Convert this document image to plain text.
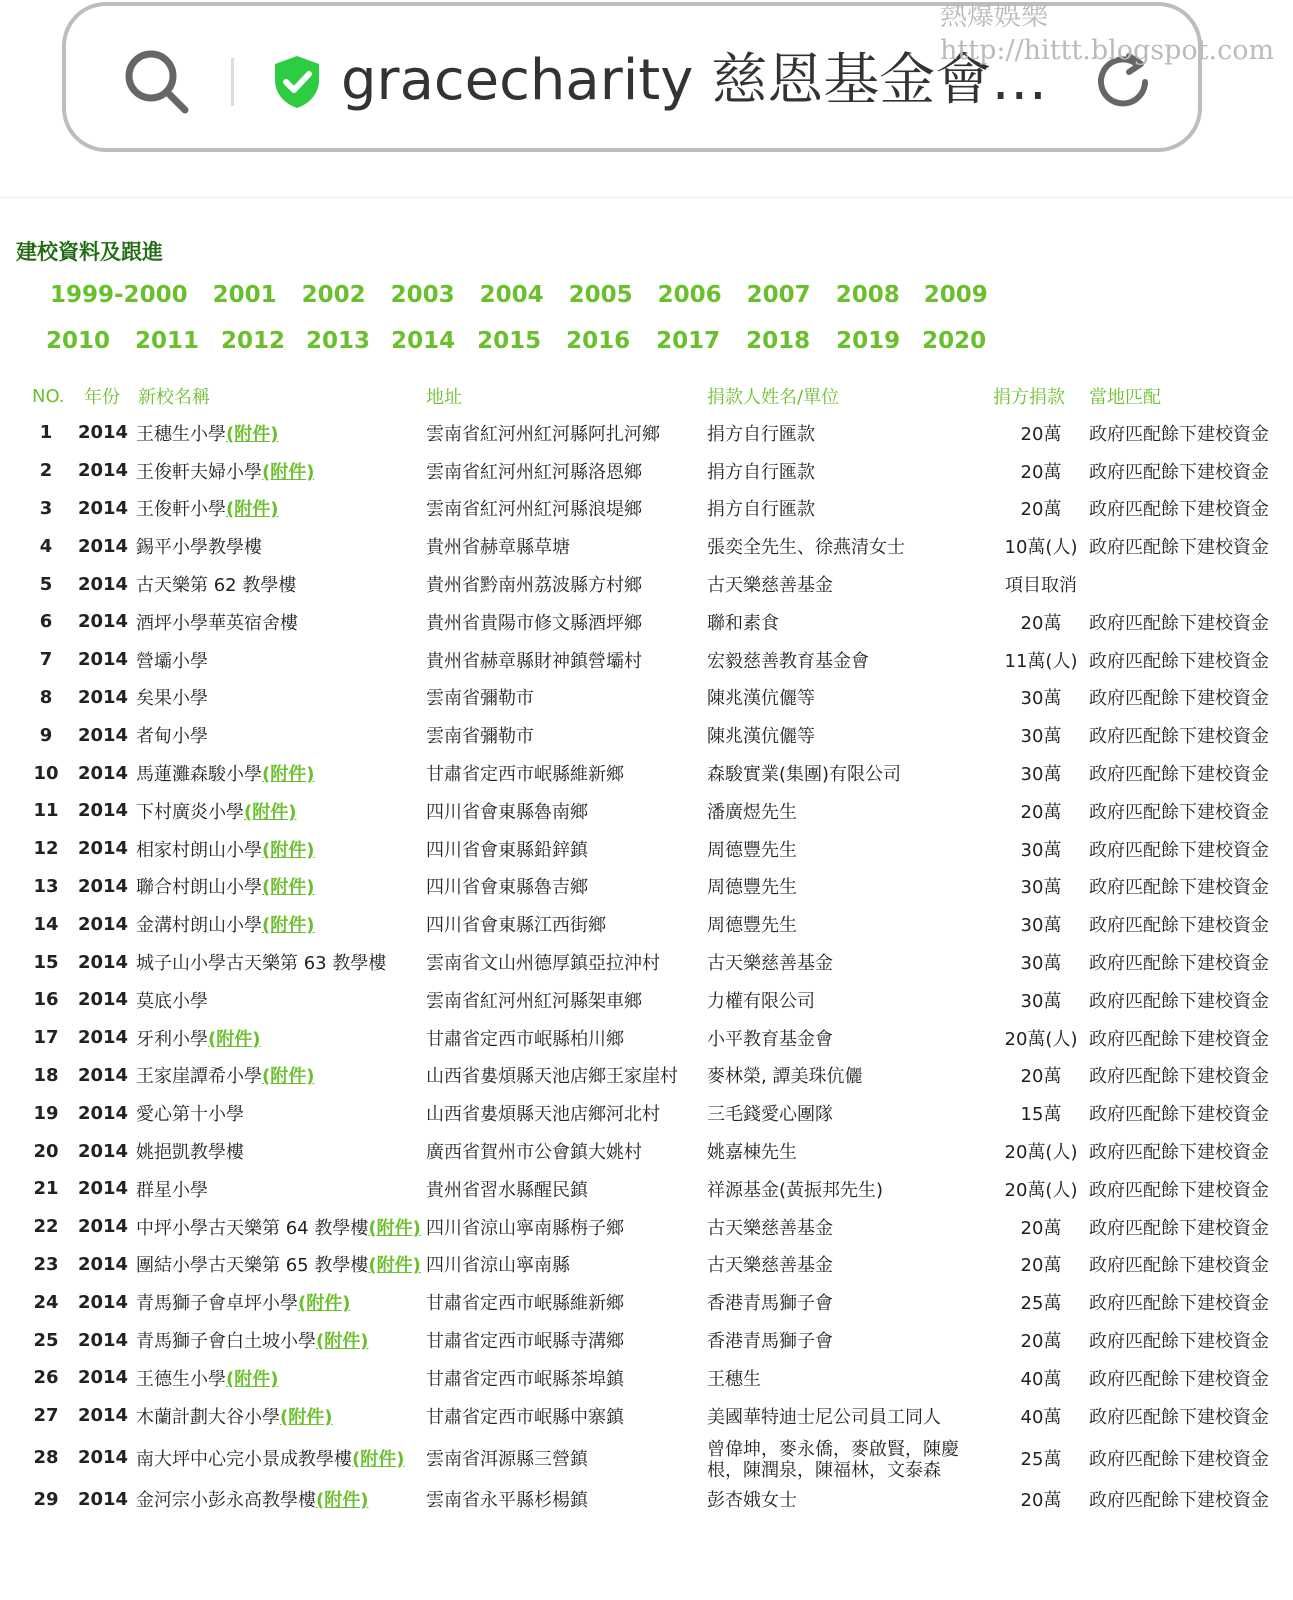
gracecharity 慈恩基金會…
熱爆娛樂
http://hittt.blogspot.com
建校資料及跟進
1999-2000 2001 2002 2003 2004 2005 2006 2007 2008 2009
2010 2011 2012 2013 2014 2015 2016 2017 2018 2019 2020
NO.	年份	新校名稱	地址	捐款人姓名/單位	捐方捐款	當地匹配
1	2014	王穗生小學(附件)	雲南省紅河州紅河縣阿扎河鄉	捐方自行匯款	20萬	政府匹配餘下建校資金
2	2014	王俊軒夫婦小學(附件)	雲南省紅河州紅河縣洛恩鄉	捐方自行匯款	20萬	政府匹配餘下建校資金
3	2014	王俊軒小學(附件)	雲南省紅河州紅河縣浪堤鄉	捐方自行匯款	20萬	政府匹配餘下建校資金
4	2014	錫平小學教學樓	貴州省赫章縣草塘	張奕全先生、徐燕清女士	10萬(人)	政府匹配餘下建校資金
5	2014	古天樂第 62 教學樓	貴州省黔南州荔波縣方村鄉	古天樂慈善基金	項目取消	
6	2014	酒坪小學華英宿舍樓	貴州省貴陽市修文縣酒坪鄉	聯和素食	20萬	政府匹配餘下建校資金
7	2014	營壩小學	貴州省赫章縣財神鎮營壩村	宏毅慈善教育基金會	11萬(人)	政府匹配餘下建校資金
8	2014	矣果小學	雲南省彌勒市	陳兆漢伉儷等	30萬	政府匹配餘下建校資金
9	2014	者甸小學	雲南省彌勒市	陳兆漢伉儷等	30萬	政府匹配餘下建校資金
10	2014	馬蓮灘森駿小學(附件)	甘肅省定西市岷縣維新鄉	森駿實業(集團)有限公司	30萬	政府匹配餘下建校資金
11	2014	下村廣炎小學(附件)	四川省會東縣魯南鄉	潘廣煜先生	20萬	政府匹配餘下建校資金
12	2014	相家村朗山小學(附件)	四川省會東縣鉛鋅鎮	周德豐先生	30萬	政府匹配餘下建校資金
13	2014	聯合村朗山小學(附件)	四川省會東縣魯吉鄉	周德豐先生	30萬	政府匹配餘下建校資金
14	2014	金溝村朗山小學(附件)	四川省會東縣江西街鄉	周德豐先生	30萬	政府匹配餘下建校資金
15	2014	城子山小學古天樂第 63 教學樓	雲南省文山州德厚鎮亞拉沖村	古天樂慈善基金	30萬	政府匹配餘下建校資金
16	2014	莫底小學	雲南省紅河州紅河縣架車鄉	力權有限公司	30萬	政府匹配餘下建校資金
17	2014	牙利小學(附件)	甘肅省定西市岷縣柏川鄉	小平教育基金會	20萬(人)	政府匹配餘下建校資金
18	2014	王家崖譚希小學(附件)	山西省婁煩縣天池店鄉王家崖村	麥林榮, 譚美珠伉儷	20萬	政府匹配餘下建校資金
19	2014	愛心第十小學	山西省婁煩縣天池店鄉河北村	三毛錢愛心團隊	15萬	政府匹配餘下建校資金
20	2014	姚挹凱教學樓	廣西省賀州市公會鎮大姚村	姚嘉棟先生	20萬(人)	政府匹配餘下建校資金
21	2014	群星小學	貴州省習水縣醒民鎮	祥源基金(黃振邦先生)	20萬(人)	政府匹配餘下建校資金
22	2014	中坪小學古天樂第 64 教學樓(附件)	四川省涼山寧南縣栴子鄉	古天樂慈善基金	20萬	政府匹配餘下建校資金
23	2014	團結小學古天樂第 65 教學樓(附件)	四川省涼山寧南縣	古天樂慈善基金	20萬	政府匹配餘下建校資金
24	2014	青馬獅子會卓坪小學(附件)	甘肅省定西市岷縣維新鄉	香港青馬獅子會	25萬	政府匹配餘下建校資金
25	2014	青馬獅子會白土坡小學(附件)	甘肅省定西市岷縣寺溝鄉	香港青馬獅子會	20萬	政府匹配餘下建校資金
26	2014	王德生小學(附件)	甘肅省定西市岷縣茶埠鎮	王穗生	40萬	政府匹配餘下建校資金
27	2014	木蘭計劃大谷小學(附件)	甘肅省定西市岷縣中寨鎮	美國華特迪士尼公司員工同人	40萬	政府匹配餘下建校資金
28	2014	南大坪中心完小景成教學樓(附件)	雲南省洱源縣三營鎮	曾偉坤，麥永僑，麥啟賢，陳慶根，陳潤泉，陳福林，文泰森	25萬	政府匹配餘下建校資金
29	2014	金河宗小彭永高教學樓(附件)	雲南省永平縣杉楊鎮	彭杏娥女士	20萬	政府匹配餘下建校資金
